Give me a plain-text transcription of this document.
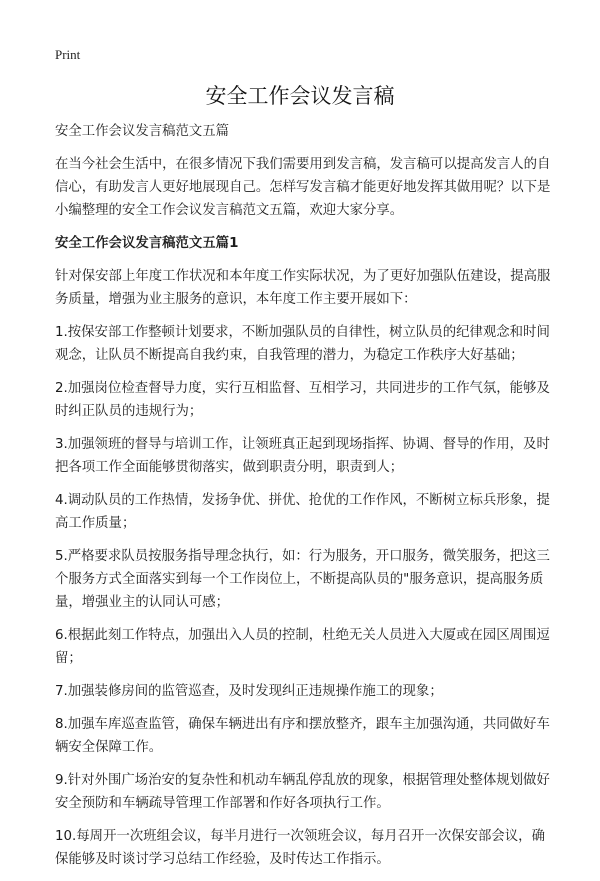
Print
安全工作会议发言稿

安全工作会议发言稿范文五篇

在当今社会生活中，在很多情况下我们需要用到发言稿，发言稿可以提高发言人的自信心，有助发言人更好地展现自己。怎样写发言稿才能更好地发挥其做用呢？以下是小编整理的安全工作会议发言稿范文五篇，欢迎大家分享。

安全工作会议发言稿范文五篇1

针对保安部上年度工作状况和本年度工作实际状况，为了更好加强队伍建设，提高服务质量，增强为业主服务的意识，本年度工作主要开展如下：

1.按保安部工作整顿计划要求，不断加强队员的自律性，树立队员的纪律观念和时间观念，让队员不断提高自我约束，自我管理的潜力，为稳定工作秩序大好基础；

2.加强岗位检查督导力度，实行互相监督、互相学习，共同进步的工作气氛，能够及时纠正队员的违规行为；

3.加强领班的督导与培训工作，让领班真正起到现场指挥、协调、督导的作用，及时把各项工作全面能够贯彻落实，做到职责分明，职责到人；

4.调动队员的工作热情，发扬争优、拼优、抢优的工作作风，不断树立标兵形象，提高工作质量；

5.严格要求队员按服务指导理念执行，如：行为服务，开口服务，微笑服务，把这三个服务方式全面落实到每一个工作岗位上，不断提高队员的"服务意识，提高服务质量，增强业主的认同认可感；

6.根据此刻工作特点，加强出入人员的控制，杜绝无关人员进入大厦或在园区周围逗留；

7.加强装修房间的监管巡查，及时发现纠正违规操作施工的现象；

8.加强车库巡查监管，确保车辆进出有序和摆放整齐，跟车主加强沟通，共同做好车辆安全保障工作。

9.针对外围广场治安的复杂性和机动车辆乱停乱放的现象，根据管理处整体规划做好安全预防和车辆疏导管理工作部署和作好各项执行工作。

10.每周开一次班组会议，每半月进行一次领班会议，每月召开一次保安部会议，确保能够及时谈讨学习总结工作经验，及时传达工作指示。
